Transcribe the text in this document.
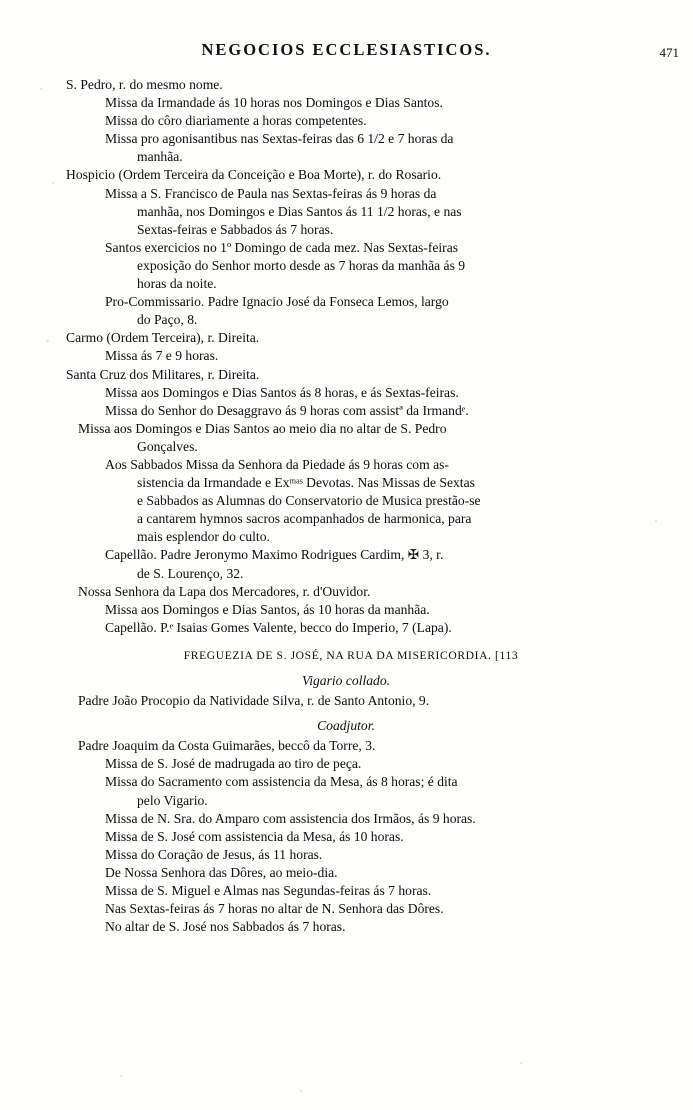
NEGOCIOS ECCLESIASTICOS.	471
S. Pedro, r. do mesmo nome.
Missa da Irmandade ás 10 horas nos Domingos e Dias Santos.
Missa do côro diariamente a horas competentes.
Missa pro agonisantibus nas Sextas-feiras das 6 1/2 e 7 horas da
manhãa.
Hospicio (Ordem Terceira da Conceição e Boa Morte), r. do Rosario.
Missa a S. Francisco de Paula nas Sextas-feiras ás 9 horas da
manhãa, nos Domingos e Dias Santos ás 11 1/2 horas, e nas
Sextas-feiras e Sabbados ás 7 horas.
Santos exercicios no 1º Domingo de cada mez. Nas Sextas-feiras
exposição do Senhor morto desde as 7 horas da manhãa ás 9
horas da noite.
Pro-Commissario. Padre Ignacio José da Fonseca Lemos, largo
do Paço, 8.
Carmo (Ordem Terceira), r. Direita.
Missa ás 7 e 9 horas.
Santa Cruz dos Militares, r. Direita.
Missa aos Domingos e Dias Santos ás 8 horas, e ás Sextas-feiras.
Missa do Senhor do Desaggravo ás 9 horas com assistª da Irmandᵉ.
Missa aos Domingos e Dias Santos ao meio dia no altar de S. Pedro
Gonçalves.
Aos Sabbados Missa da Senhora da Piedade ás 9 horas com as-
sistencia da Irmandade e Exᵐᵃˢ Devotas. Nas Missas de Sextas
e Sabbados as Alumnas do Conservatorio de Musica prestão-se
a cantarem hymnos sacros acompanhados de harmonica, para
mais esplendor do culto.
Capellão. Padre Jeronymo Maximo Rodrigues Cardim, ✠ 3, r.
de S. Lourenço, 32.
Nossa Senhora da Lapa dos Mercadores, r. d'Ouvidor.
Missa aos Domingos e Dias Santos, ás 10 horas da manhãa.
Capellão. P.ᵉ Isaias Gomes Valente, becco do Imperio, 7 (Lapa).
FREGUEZIA DE S. JOSÉ, NA RUA DA MISERICORDIA. [113
Vigario collado.
Padre João Procopio da Natividade Silva, r. de Santo Antonio, 9.
Coadjutor.
Padre Joaquim da Costa Guimarães, beccô da Torre, 3.
Missa de S. José de madrugada ao tiro de peça.
Missa do Sacramento com assistencia da Mesa, ás 8 horas; é dita
pelo Vigario.
Missa de N. Sra. do Amparo com assistencia dos Irmãos, ás 9 horas.
Missa de S. José com assistencia da Mesa, ás 10 horas.
Missa do Coração de Jesus, ás 11 horas.
De Nossa Senhora das Dôres, ao meio-dia.
Missa de S. Miguel e Almas nas Segundas-feiras ás 7 horas.
Nas Sextas-feiras ás 7 horas no altar de N. Senhora das Dôres.
No altar de S. José nos Sabbados ás 7 horas.
